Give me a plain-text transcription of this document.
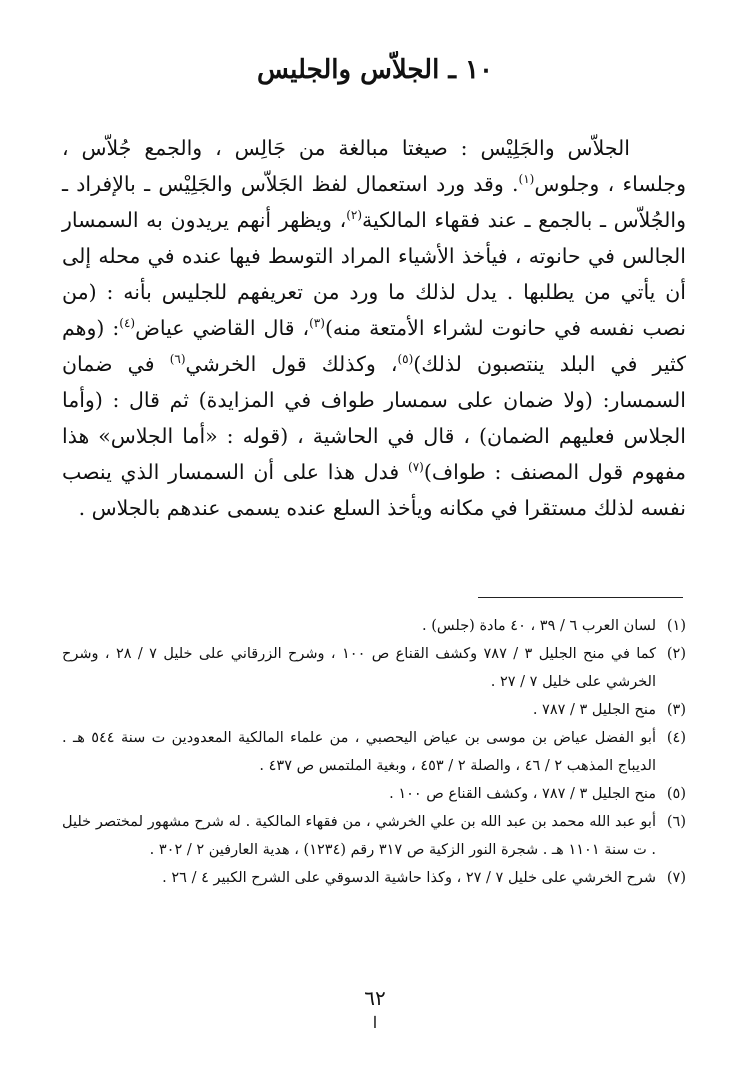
١٠ ـ الجلاّس والجليس

الجلاّس والجَلِيْس : صيغتا مبالغة من جَالِس ، والجمع جُلاّس ، وجلساء ، وجلوس$^{(١)}$. وقد ورد استعمال لفظ الجَلاّس والجَلِيْس ـ بالإفراد ـ والجُلاّس ـ بالجمع ـ عند فقهاء المالكية$^{(٢)}$، ويظهر أنهم يريدون به السمسار الجالس في حانوته ، فيأخذ الأشياء المراد التوسط فيها عنده في محله إلى أن يأتي من يطلبها . يدل لذلك ما ورد من تعريفهم للجليس بأنه : (من نصب نفسه في حانوت لشراء الأمتعة منه)$^{(٣)}$، قال القاضي عياض$^{(٤)}$: (وهم كثير في البلد ينتصبون لذلك)$^{(٥)}$، وكذلك قول الخرشي$^{(٦)}$ في ضمان السمسار: (ولا ضمان على سمسار طواف في المزايدة) ثم قال : (وأما الجلاس فعليهم الضمان) ، قال في الحاشية ، (قوله : «أما الجلاس» هذا مفهوم قول المصنف : طواف)$^{(٧)}$ فدل هذا على أن السمسار الذي ينصب نفسه لذلك مستقرا في مكانه ويأخذ السلع عنده يسمى عندهم بالجلاس .

(١)
لسان العرب ٦ / ٣٩ ، ٤٠ مادة (جلس) .
(٢)
كما في منح الجليل ٣ / ٧٨٧ وكشف القناع ص ١٠٠ ، وشرح الزرقاني على خليل ٧ / ٢٨ ، وشرح الخرشي على خليل ٧ / ٢٧ .
(٣)
منح الجليل ٣ / ٧٨٧ .
(٤)
أبو الفضل عياض بن موسى بن عياض اليحصبي ، من علماء المالكية المعدودين ت سنة ٥٤٤ هـ . الديباج المذهب ٢ / ٤٦ ، والصلة ٢ / ٤٥٣ ، وبغية الملتمس ص ٤٣٧ .
(٥)
منح الجليل ٣ / ٧٨٧ ، وكشف القناع ص ١٠٠ .
(٦)
أبو عبد الله محمد بن عبد الله بن علي الخرشي ، من فقهاء المالكية . له شرح مشهور لمختصر خليل . ت سنة ١١٠١ هـ . شجرة النور الزكية ص ٣١٧ رقم (١٢٣٤) ، هدية العارفين ٢ / ٣٠٢ .
(٧)
شرح الخرشي على خليل ٧ / ٢٧ ، وكذا حاشية الدسوقي على الشرح الكبير ٤ / ٢٦ .
٦٢
ا
